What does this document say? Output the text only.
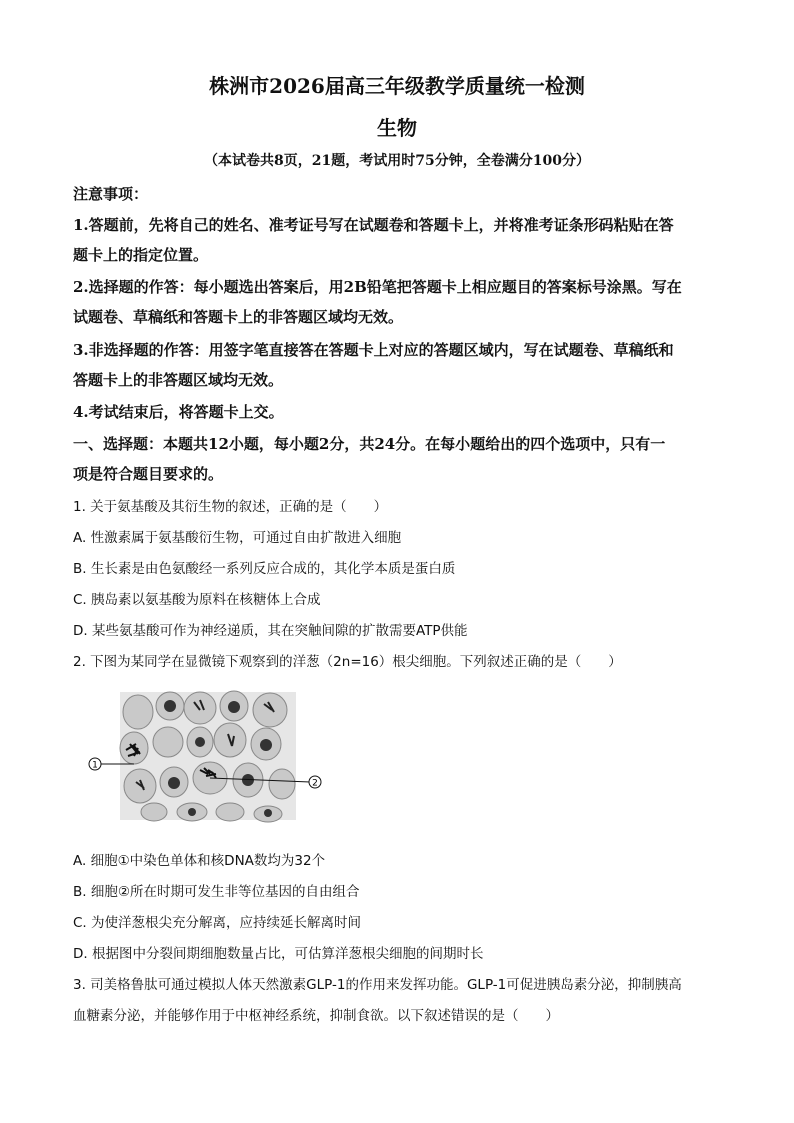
株洲市2026届高三年级教学质量统一检测
生物
（本试卷共8页，21题，考试用时75分钟，全卷满分100分）
注意事项：
1.答题前，先将自己的姓名、准考证号写在试题卷和答题卡上，并将准考证条形码粘贴在答
题卡上的指定位置。
2.选择题的作答：每小题选出答案后，用2B铅笔把答题卡上相应题目的答案标号涂黑。写在
试题卷、草稿纸和答题卡上的非答题区域均无效。
3.非选择题的作答：用签字笔直接答在答题卡上对应的答题区域内，写在试题卷、草稿纸和
答题卡上的非答题区域均无效。
4.考试结束后，将答题卡上交。
一、选择题：本题共12小题，每小题2分，共24分。在每小题给出的四个选项中，只有一
项是符合题目要求的。
1. 关于氨基酸及其衍生物的叙述，正确的是（　　）
A. 性激素属于氨基酸衍生物，可通过自由扩散进入细胞
B. 生长素是由色氨酸经一系列反应合成的，其化学本质是蛋白质
C. 胰岛素以氨基酸为原料在核糖体上合成
D. 某些氨基酸可作为神经递质，其在突触间隙的扩散需要ATP供能
2. 下图为某同学在显微镜下观察到的洋葱（2n=16）根尖细胞。下列叙述正确的是（　　）
1
2
A. 细胞①中染色单体和核DNA数均为32个
B. 细胞②所在时期可发生非等位基因的自由组合
C. 为使洋葱根尖充分解离，应持续延长解离时间
D. 根据图中分裂间期细胞数量占比，可估算洋葱根尖细胞的间期时长
3. 司美格鲁肽可通过模拟人体天然激素GLP-1的作用来发挥功能。GLP-1可促进胰岛素分泌，抑制胰高
血糖素分泌，并能够作用于中枢神经系统，抑制食欲。以下叙述错误的是（　　）
